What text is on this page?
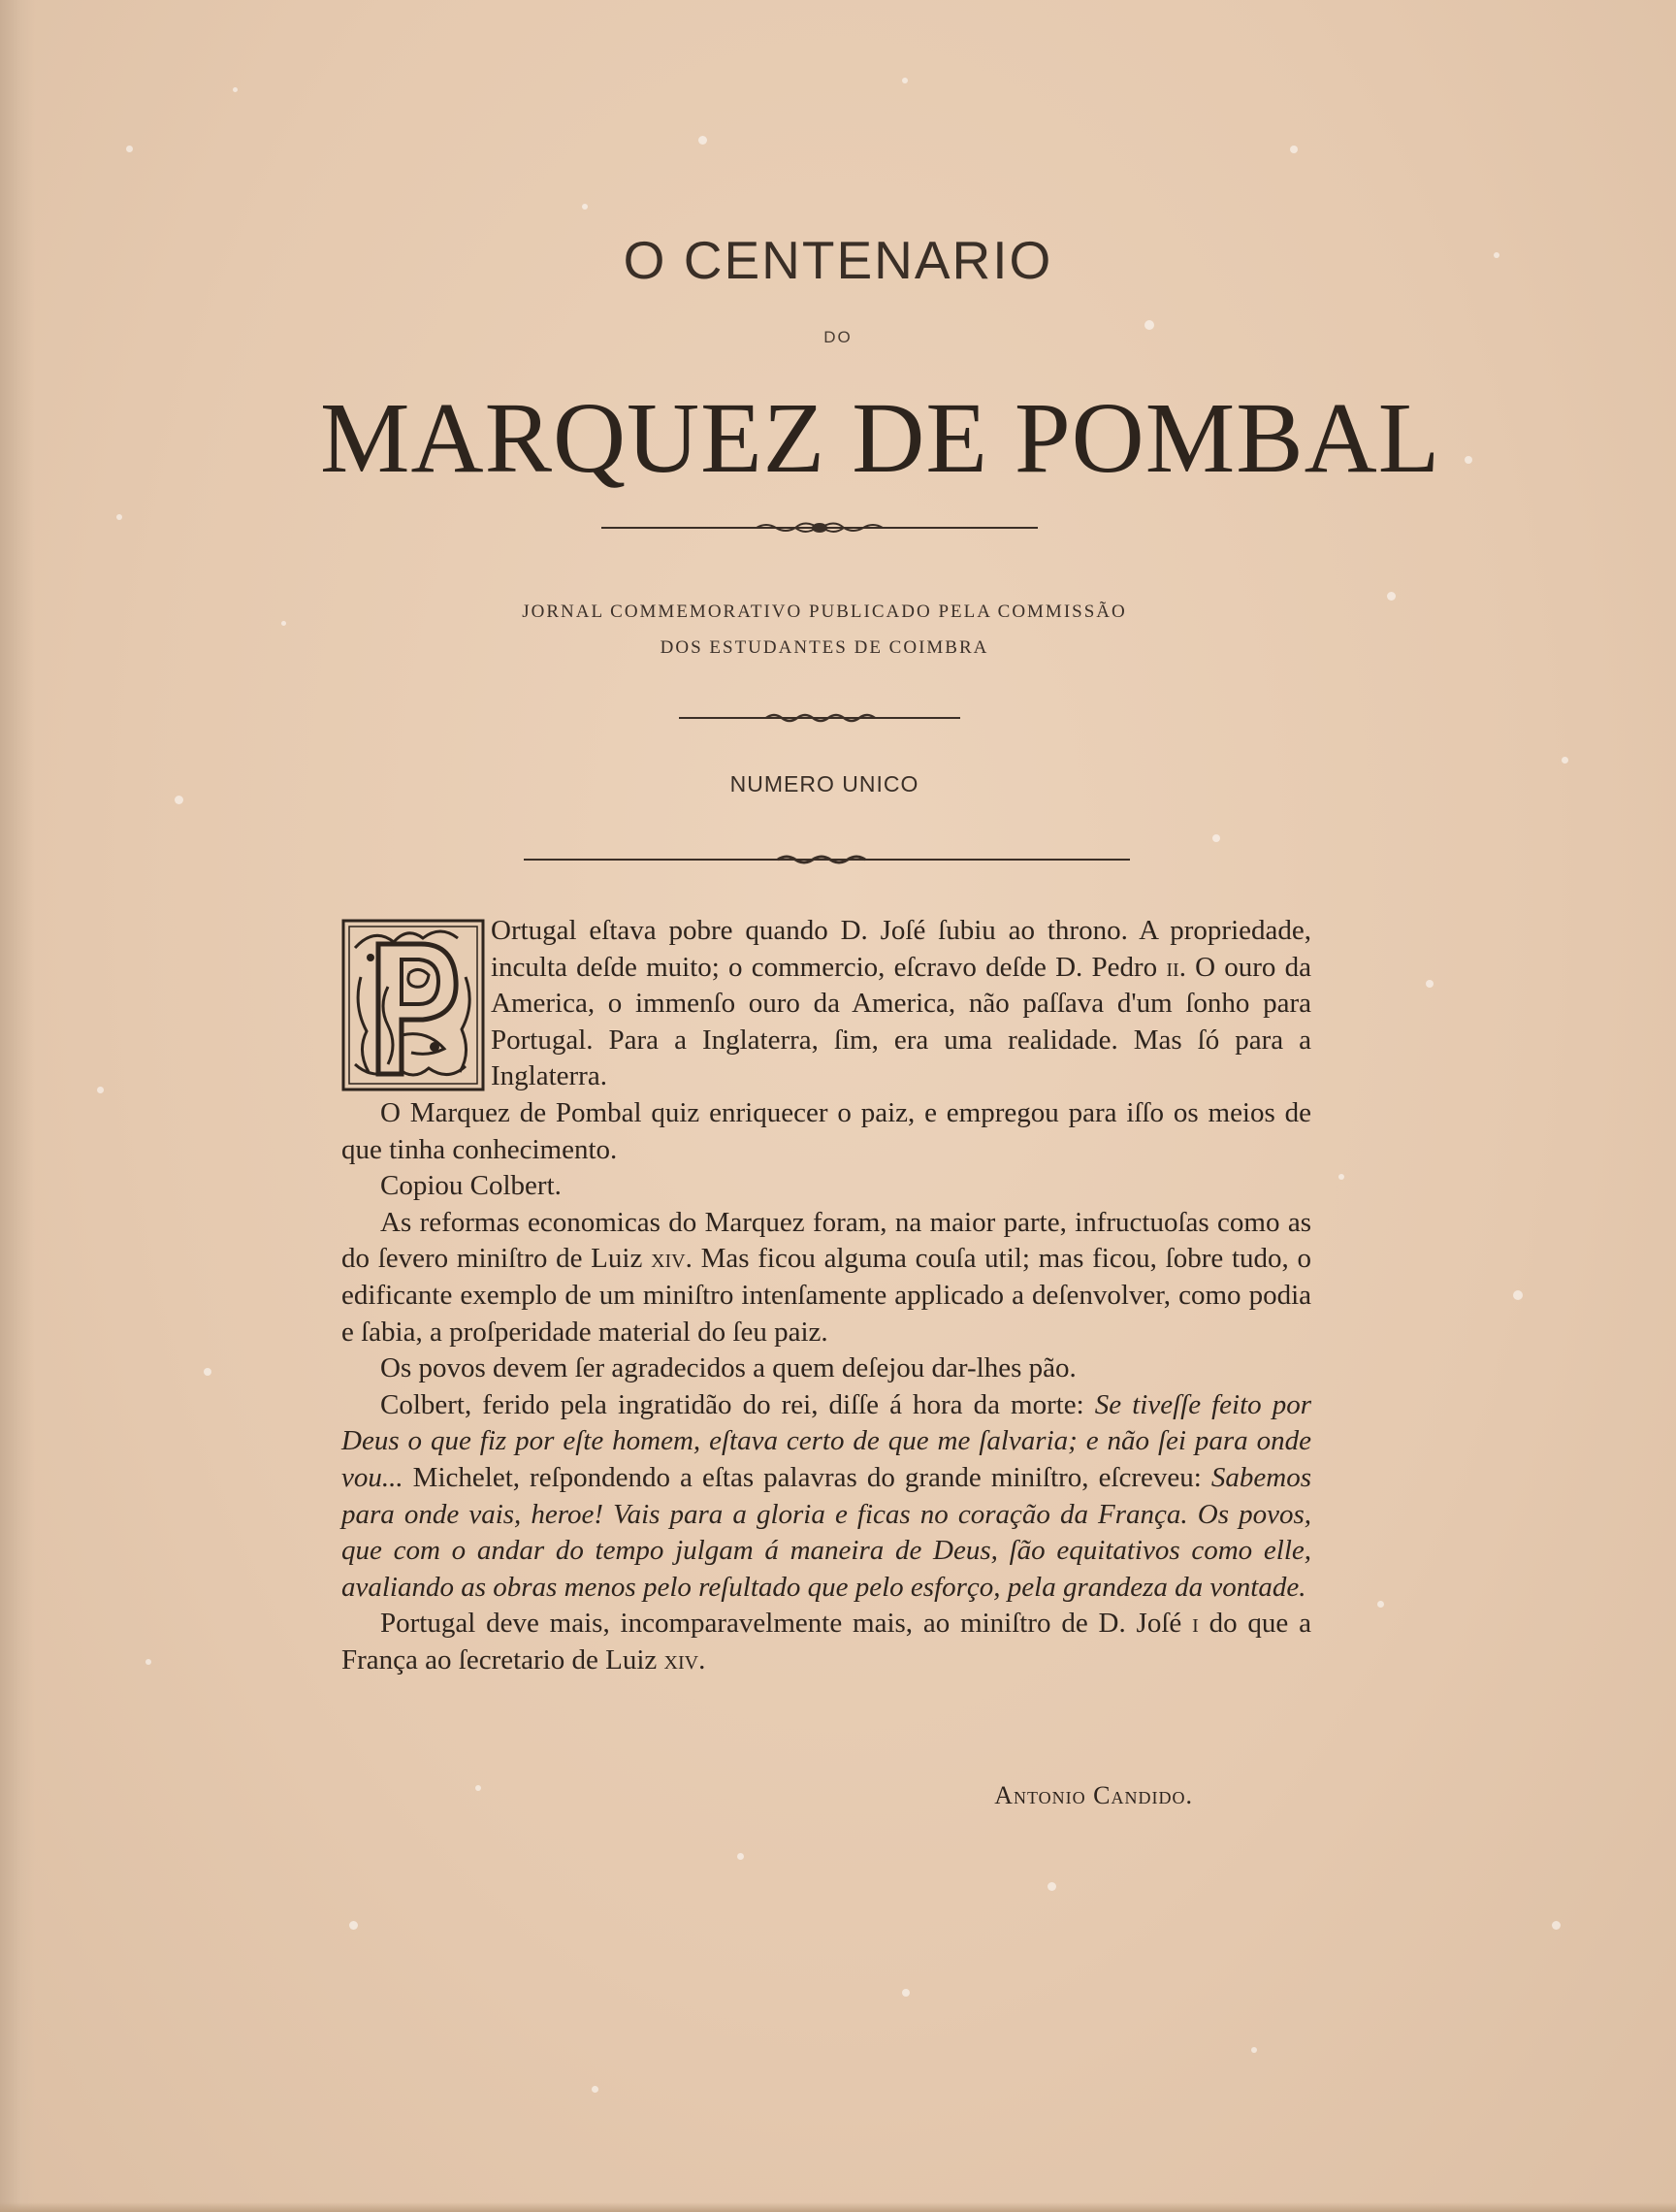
O CENTENARIO
DO
MARQUEZ DE POMBAL
JORNAL COMMEMORATIVO PUBLICADO PELA COMMISSÃO
DOS ESTUDANTES DE COIMBRA
NUMERO UNICO

Ortugal eſtava pobre quando D. Joſé ſubiu ao throno. A propriedade, inculta deſde muito; o commercio, eſcravo deſde D. Pedro ii. O ouro da America, o immenſo ouro da America, não paſſava d'um ſonho para Portugal. Para a Inglaterra, ſim, era uma realidade. Mas ſó para a Inglaterra.

O Marquez de Pombal quiz enriquecer o paiz, e empregou para iſſo os meios de que tinha conhecimento.

Copiou Colbert.

As reformas economicas do Marquez foram, na maior parte, infructuoſas como as do ſevero miniſtro de Luiz xiv. Mas ficou alguma couſa util; mas ficou, ſobre tudo, o edificante exemplo de um miniſtro intenſamente applicado a deſenvolver, como podia e ſabia, a proſperidade material do ſeu paiz.

Os povos devem ſer agradecidos a quem deſejou dar-lhes pão.

Colbert, ferido pela ingratidão do rei, diſſe á hora da morte: Se tiveſſe feito por Deus o que fiz por eſte homem, eſtava certo de que me ſalvaria; e não ſei para onde vou... Michelet, reſpondendo a eſtas palavras do grande miniſtro, eſcreveu: Sabemos para onde vais, heroe! Vais para a gloria e ficas no coração da França. Os povos, que com o andar do tempo julgam á maneira de Deus, ſão equitativos como elle, avaliando as obras menos pelo reſultado que pelo esforço, pela grandeza da vontade.

Portugal deve mais, incomparavelmente mais, ao miniſtro de D. Joſé i do que a França ao ſecretario de Luiz xiv.

Antonio Candido.
